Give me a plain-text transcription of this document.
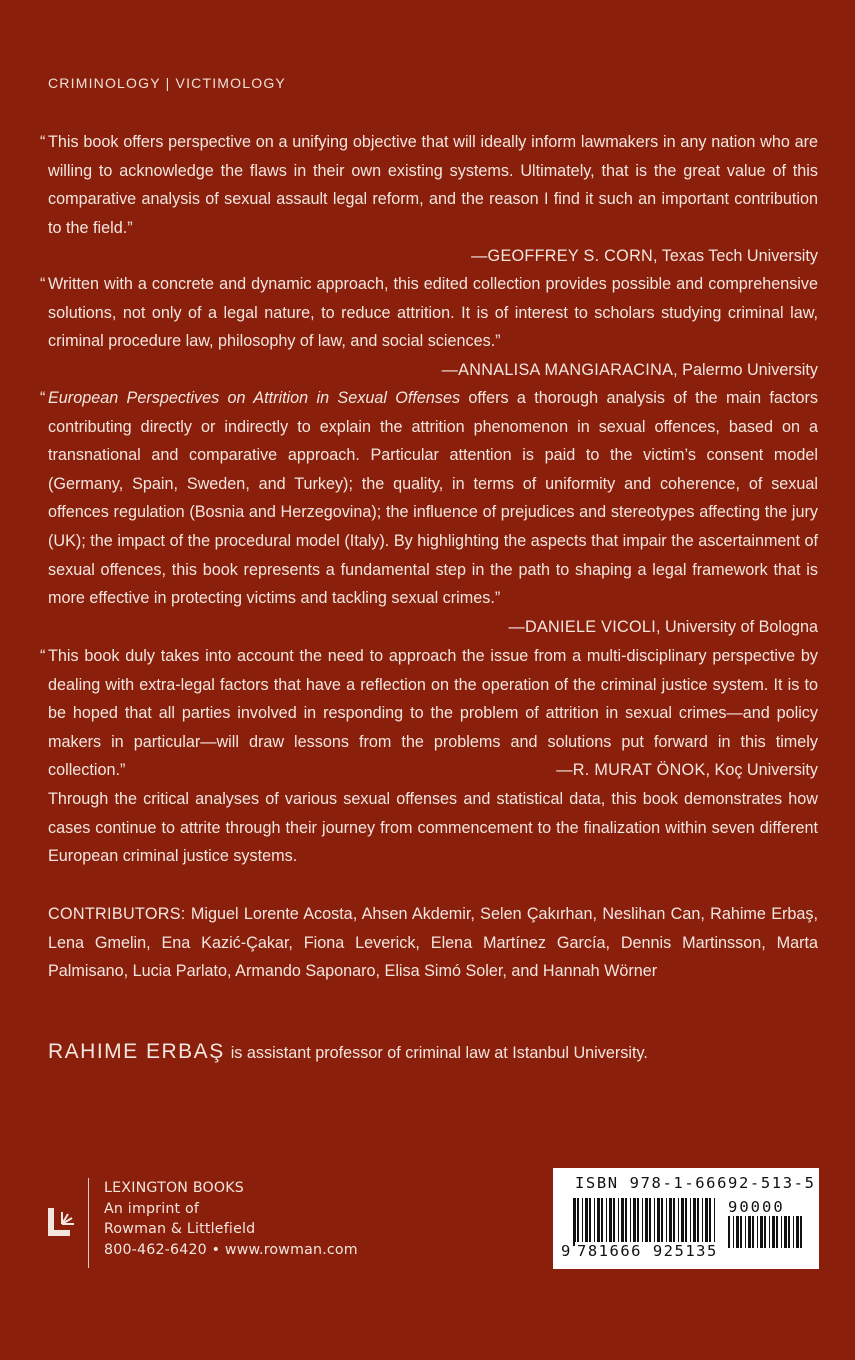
CRIMINOLOGY | VICTIMOLOGY
“ This book offers perspective on a unifying objective that will ideally inform lawmakers in any nation who are willing to acknowledge the flaws in their own existing systems. Ultimately, that is the great value of this comparative analysis of sexual assault legal reform, and the reason I find it such an important contribution to the field.”
—GEOFFREY S. CORN, Texas Tech University
“ Written with a concrete and dynamic approach, this edited collection provides possible and comprehensive solutions, not only of a legal nature, to reduce attrition. It is of interest to scholars studying criminal law, criminal procedure law, philosophy of law, and social sciences.”
—ANNALISA MANGIARACINA, Palermo University
“ European Perspectives on Attrition in Sexual Offenses offers a thorough analysis of the main factors contributing directly or indirectly to explain the attrition phenomenon in sexual offences, based on a transnational and comparative approach. Particular attention is paid to the victim’s consent model (Germany, Spain, Sweden, and Turkey); the quality, in terms of uniformity and coherence, of sexual offences regulation (Bosnia and Herzegovina); the influence of prejudices and stereotypes affecting the jury (UK); the impact of the procedural model (Italy). By highlighting the aspects that impair the ascertainment of sexual offences, this book represents a fundamental step in the path to shaping a legal framework that is more effective in protecting victims and tackling sexual crimes.”
—DANIELE VICOLI, University of Bologna
“ This book duly takes into account the need to approach the issue from a multi-disciplinary perspective by dealing with extra-legal factors that have a reflection on the operation of the criminal justice system. It is to be hoped that all parties involved in responding to the problem of attrition in sexual crimes—and policy makers in particular—will draw lessons from the problems and solutions put forward in this timely collection.”	—R. MURAT ÖNOK, Koç University
Through the critical analyses of various sexual offenses and statistical data, this book demonstrates how cases continue to attrite through their journey from commencement to the finalization within seven different European criminal justice systems.
CONTRIBUTORS: Miguel Lorente Acosta, Ahsen Akdemir, Selen Çakırhan, Neslihan Can, Rahime Erbaş, Lena Gmelin, Ena Kazić-Çakar, Fiona Leverick, Elena Martínez García, Dennis Martinsson, Marta Palmisano, Lucia Parlato, Armando Saponaro, Elisa Simó Soler, and Hannah Wörner
RAHIME ERBAŞ is assistant professor of criminal law at Istanbul University.
LEXINGTON BOOKS
An imprint of
Rowman & Littlefield
800-462-6420 • www.rowman.com
ISBN 978-1-66692-513-5
90000
9 781666 925135
